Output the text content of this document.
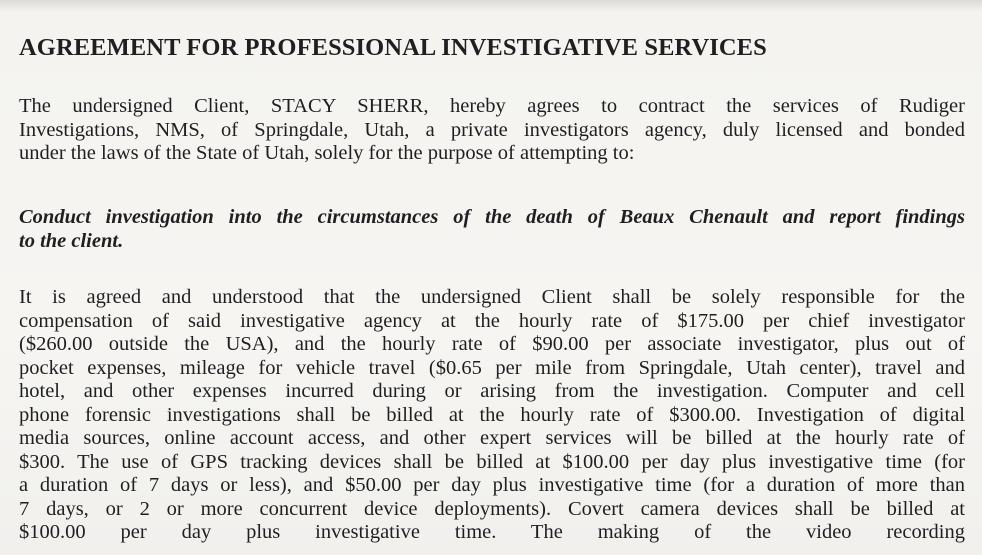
AGREEMENT FOR PROFESSIONAL INVESTIGATIVE SERVICES
The undersigned Client, STACY SHERR, hereby agrees to contract the services of Rudiger
Investigations, NMS, of Springdale, Utah, a private investigators agency, duly licensed and bonded
under the laws of the State of Utah, solely for the purpose of attempting to:
Conduct investigation into the circumstances of the death of Beaux Chenault and report findings
to the client.
It is agreed and understood that the undersigned Client shall be solely responsible for the
compensation of said investigative agency at the hourly rate of $175.00 per chief investigator
($260.00 outside the USA), and the hourly rate of $90.00 per associate investigator, plus out of
pocket expenses, mileage for vehicle travel ($0.65 per mile from Springdale, Utah center), travel and
hotel, and other expenses incurred during or arising from the investigation. Computer and cell
phone forensic investigations shall be billed at the hourly rate of $300.00. Investigation of digital
media sources, online account access, and other expert services will be billed at the hourly rate of
$300. The use of GPS tracking devices shall be billed at $100.00 per day plus investigative time (for
a duration of 7 days or less), and $50.00 per day plus investigative time (for a duration of more than
7 days, or 2 or more concurrent device deployments). Covert camera devices shall be billed at
$100.00 per day plus investigative time. The making of the video recording
